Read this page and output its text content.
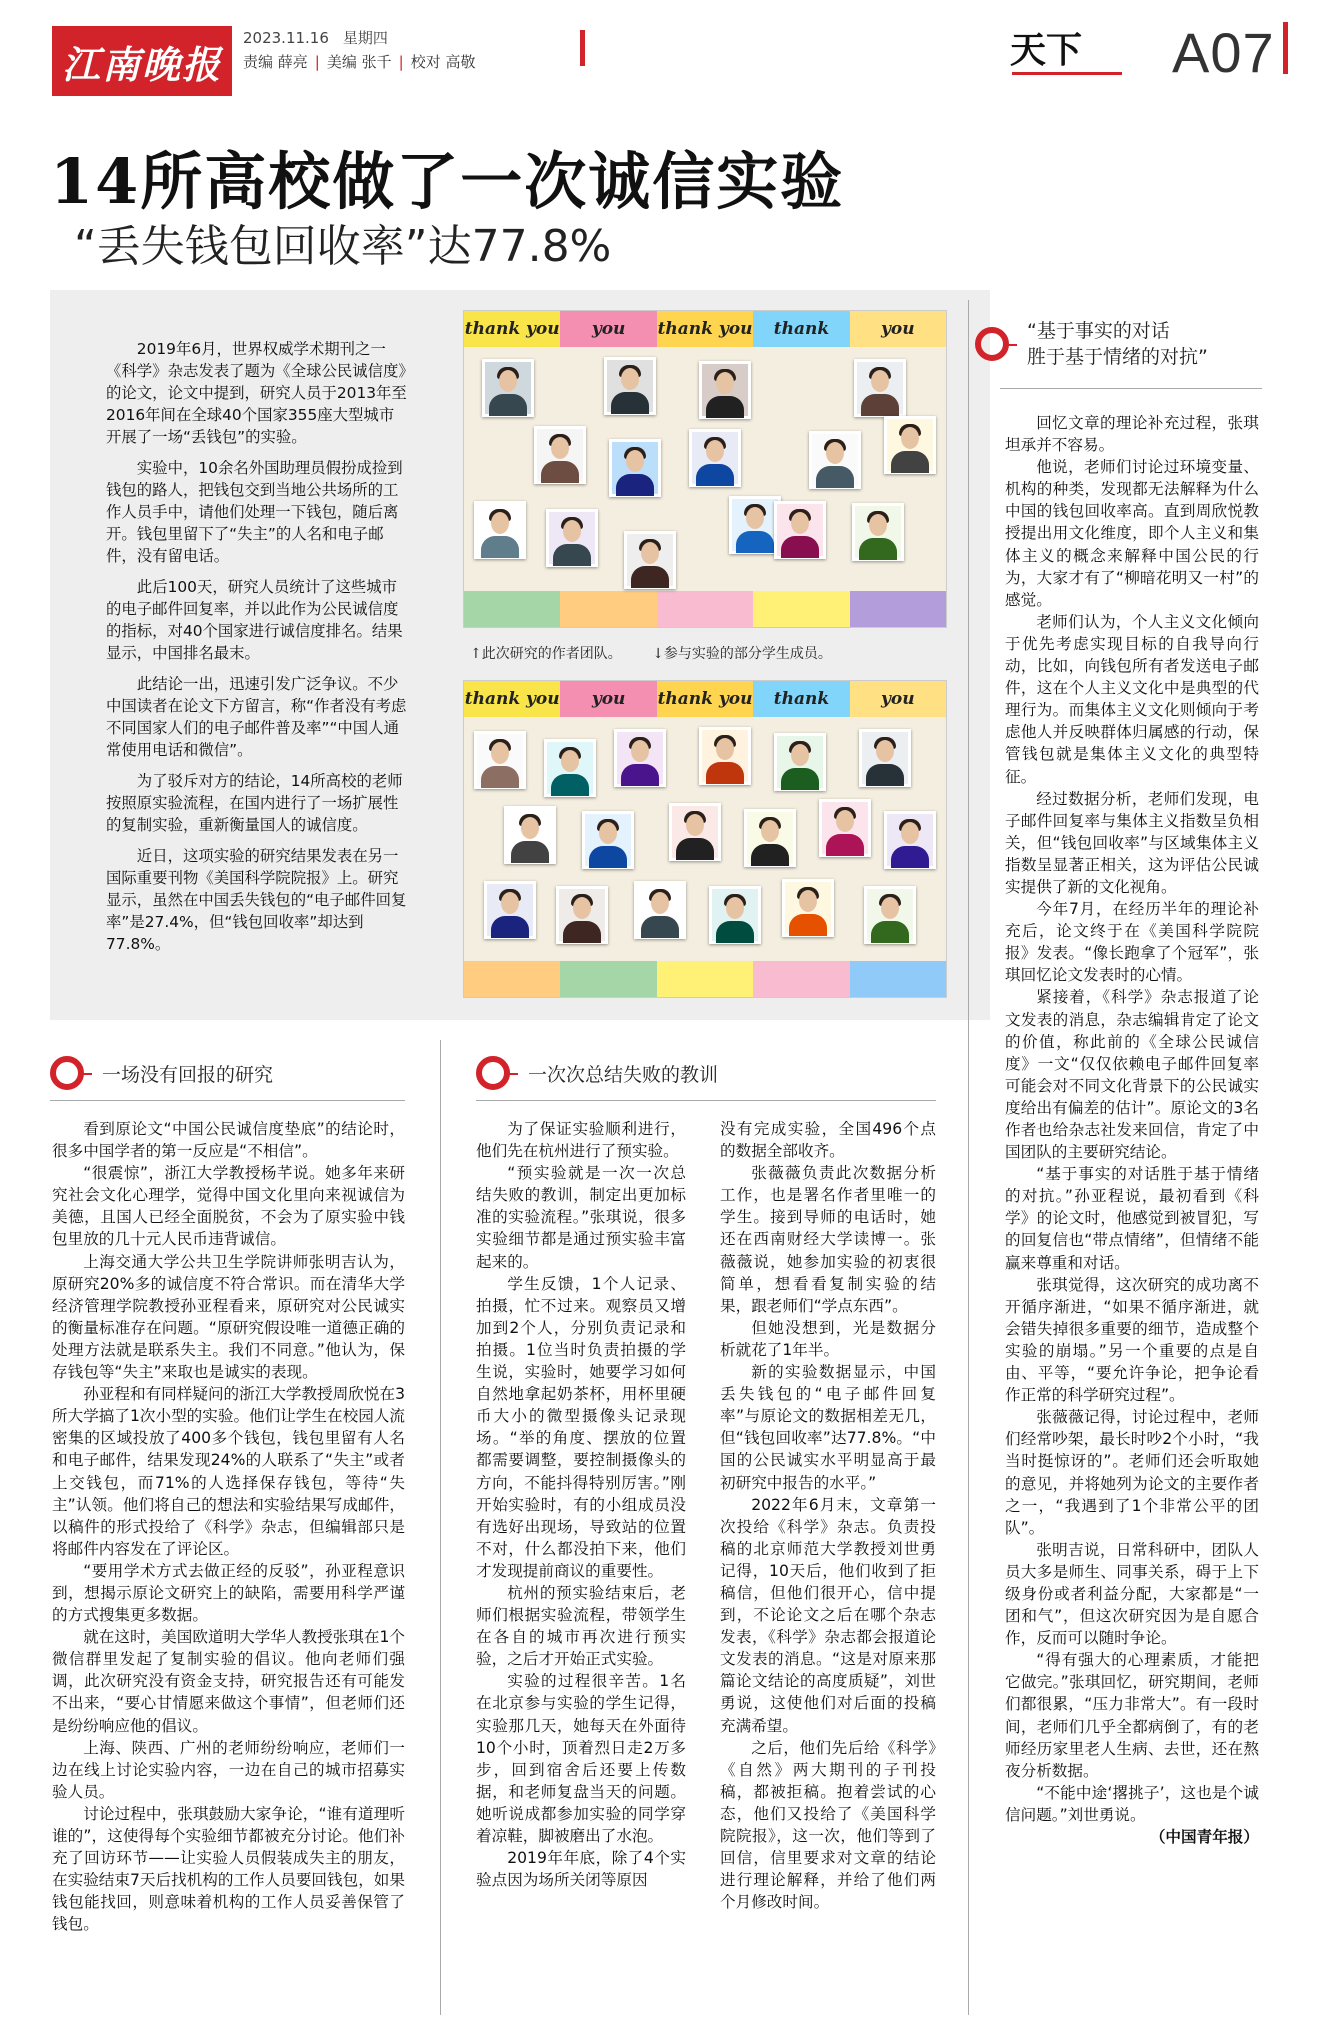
江南晚报
2023.11.16 星期四
责编 薛亮 | 美编 张千 | 校对 高敬	天下 A07
14所高校做了一次诚信实验
“丢失钱包回收率”达77.8%

2019年6月，世界权威学术期刊之一《科学》杂志发表了题为《全球公民诚信度》的论文，论文中提到，研究人员于2013年至2016年间在全球40个国家355座大型城市开展了一场“丢钱包”的实验。

实验中，10余名外国助理员假扮成捡到钱包的路人，把钱包交到当地公共场所的工作人员手中，请他们处理一下钱包，随后离开。钱包里留下了“失主”的人名和电子邮件，没有留电话。

此后100天，研究人员统计了这些城市的电子邮件回复率，并以此作为公民诚信度的指标，对40个国家进行诚信度排名。结果显示，中国排名最末。

此结论一出，迅速引发广泛争议。不少中国读者在论文下方留言，称“作者没有考虑不同国家人们的电子邮件普及率”“中国人通常使用电话和微信”。

为了驳斥对方的结论，14所高校的老师按照原实验流程，在国内进行了一场扩展性的复制实验，重新衡量国人的诚信度。

近日，这项实验的研究结果发表在另一国际重要刊物《美国科学院院报》上。研究显示，虽然在中国丢失钱包的“电子邮件回复率”是27.4%，但“钱包回收率”却达到77.8%。

thank you	you	thank you	thank	you
↑此次研究的作者团队。 ↓参与实验的部分学生成员。
thank you	you	thank you	thank	you
“基于事实的对话
胜于基于情绪的对抗”
一场没有回报的研究	一次次总结失败的教训

看到原论文“中国公民诚信度垫底”的结论时，很多中国学者的第一反应是“不相信”。

“很震惊”，浙江大学教授杨芊说。她多年来研究社会文化心理学，觉得中国文化里向来视诚信为美德，且国人已经全面脱贫，不会为了原实验中钱包里放的几十元人民币违背诚信。

上海交通大学公共卫生学院讲师张明吉认为，原研究20%多的诚信度不符合常识。而在清华大学经济管理学院教授孙亚程看来，原研究对公民诚实的衡量标准存在问题。“原研究假设唯一道德正确的处理方法就是联系失主。我们不同意。”他认为，保存钱包等“失主”来取也是诚实的表现。

孙亚程和有同样疑问的浙江大学教授周欣悦在3所大学搞了1次小型的实验。他们让学生在校园人流密集的区域投放了400多个钱包，钱包里留有人名和电子邮件，结果发现24%的人联系了“失主”或者上交钱包，而71%的人选择保存钱包，等待“失主”认领。他们将自己的想法和实验结果写成邮件，以稿件的形式投给了《科学》杂志，但编辑部只是将邮件内容发在了评论区。

“要用学术方式去做正经的反驳”，孙亚程意识到，想揭示原论文研究上的缺陷，需要用科学严谨的方式搜集更多数据。

就在这时，美国欧道明大学华人教授张琪在1个微信群里发起了复制实验的倡议。他向老师们强调，此次研究没有资金支持，研究报告还有可能发不出来，“要心甘情愿来做这个事情”，但老师们还是纷纷响应他的倡议。

上海、陕西、广州的老师纷纷响应，老师们一边在线上讨论实验内容，一边在自己的城市招募实验人员。

讨论过程中，张琪鼓励大家争论，“谁有道理听谁的”，这使得每个实验细节都被充分讨论。他们补充了回访环节——让实验人员假装成失主的朋友，在实验结束7天后找机构的工作人员要回钱包，如果钱包能找回，则意味着机构的工作人员妥善保管了钱包。

为了保证实验顺利进行，他们先在杭州进行了预实验。

“预实验就是一次一次总结失败的教训，制定出更加标准的实验流程。”张琪说，很多实验细节都是通过预实验丰富起来的。

学生反馈，1个人记录、拍摄，忙不过来。观察员又增加到2个人，分别负责记录和拍摄。1位当时负责拍摄的学生说，实验时，她要学习如何自然地拿起奶茶杯，用杯里硬币大小的微型摄像头记录现场。“举的角度、摆放的位置都需要调整，要控制摄像头的方向，不能抖得特别厉害。”刚开始实验时，有的小组成员没有选好出现场，导致站的位置不对，什么都没拍下来，他们才发现提前商议的重要性。

杭州的预实验结束后，老师们根据实验流程，带领学生在各自的城市再次进行预实验，之后才开始正式实验。

实验的过程很辛苦。1名在北京参与实验的学生记得，实验那几天，她每天在外面待10个小时，顶着烈日走2万多步，回到宿舍后还要上传数据，和老师复盘当天的问题。她听说成都参加实验的同学穿着凉鞋，脚被磨出了水泡。

2019年年底，除了4个实验点因为场所关闭等原因

没有完成实验，全国496个点的数据全部收齐。

张薇薇负责此次数据分析工作，也是署名作者里唯一的学生。接到导师的电话时，她还在西南财经大学读博一。张薇薇说，她参加实验的初衷很简单，想看看复制实验的结果，跟老师们“学点东西”。

但她没想到，光是数据分析就花了1年半。

新的实验数据显示，中国丢失钱包的“电子邮件回复率”与原论文的数据相差无几，但“钱包回收率”达77.8%。“中国的公民诚实水平明显高于最初研究中报告的水平。”

2022年6月末，文章第一次投给《科学》杂志。负责投稿的北京师范大学教授刘世勇记得，10天后，他们收到了拒稿信，但他们很开心，信中提到，不论论文之后在哪个杂志发表，《科学》杂志都会报道论文发表的消息。“这是对原来那篇论文结论的高度质疑”，刘世勇说，这使他们对后面的投稿充满希望。

之后，他们先后给《科学》《自然》两大期刊的子刊投稿，都被拒稿。抱着尝试的心态，他们又投给了《美国科学院院报》，这一次，他们等到了回信，信里要求对文章的结论进行理论解释，并给了他们两个月修改时间。

回忆文章的理论补充过程，张琪坦承并不容易。

他说，老师们讨论过环境变量、机构的种类，发现都无法解释为什么中国的钱包回收率高。直到周欣悦教授提出用文化维度，即个人主义和集体主义的概念来解释中国公民的行为，大家才有了“柳暗花明又一村”的感觉。

老师们认为，个人主义文化倾向于优先考虑实现目标的自我导向行动，比如，向钱包所有者发送电子邮件，这在个人主义文化中是典型的代理行为。而集体主义文化则倾向于考虑他人并反映群体归属感的行动，保管钱包就是集体主义文化的典型特征。

经过数据分析，老师们发现，电子邮件回复率与集体主义指数呈负相关，但“钱包回收率”与区域集体主义指数呈显著正相关，这为评估公民诚实提供了新的文化视角。

今年7月，在经历半年的理论补充后，论文终于在《美国科学院院报》发表。“像长跑拿了个冠军”，张琪回忆论文发表时的心情。

紧接着，《科学》杂志报道了论文发表的消息，杂志编辑肯定了论文的价值，称此前的《全球公民诚信度》一文“仅仅依赖电子邮件回复率可能会对不同文化背景下的公民诚实度给出有偏差的估计”。原论文的3名作者也给杂志社发来回信，肯定了中国团队的主要研究结论。

“基于事实的对话胜于基于情绪的对抗。”孙亚程说，最初看到《科学》的论文时，他感觉到被冒犯，写的回复信也“带点情绪”，但情绪不能赢来尊重和对话。

张琪觉得，这次研究的成功离不开循序渐进，“如果不循序渐进，就会错失掉很多重要的细节，造成整个实验的崩塌。”另一个重要的点是自由、平等，“要允许争论，把争论看作正常的科学研究过程”。

张薇薇记得，讨论过程中，老师们经常吵架，最长时吵2个小时，“我当时挺惊讶的”。老师们还会听取她的意见，并将她列为论文的主要作者之一，“我遇到了1个非常公平的团队”。

张明吉说，日常科研中，团队人员大多是师生、同事关系，碍于上下级身份或者利益分配，大家都是“一团和气”，但这次研究因为是自愿合作，反而可以随时争论。

“得有强大的心理素质，才能把它做完。”张琪回忆，研究期间，老师们都很累，“压力非常大”。有一段时间，老师们几乎全都病倒了，有的老师经历家里老人生病、去世，还在熬夜分析数据。

“不能中途‘撂挑子’，这也是个诚信问题。”刘世勇说。

（中国青年报）
